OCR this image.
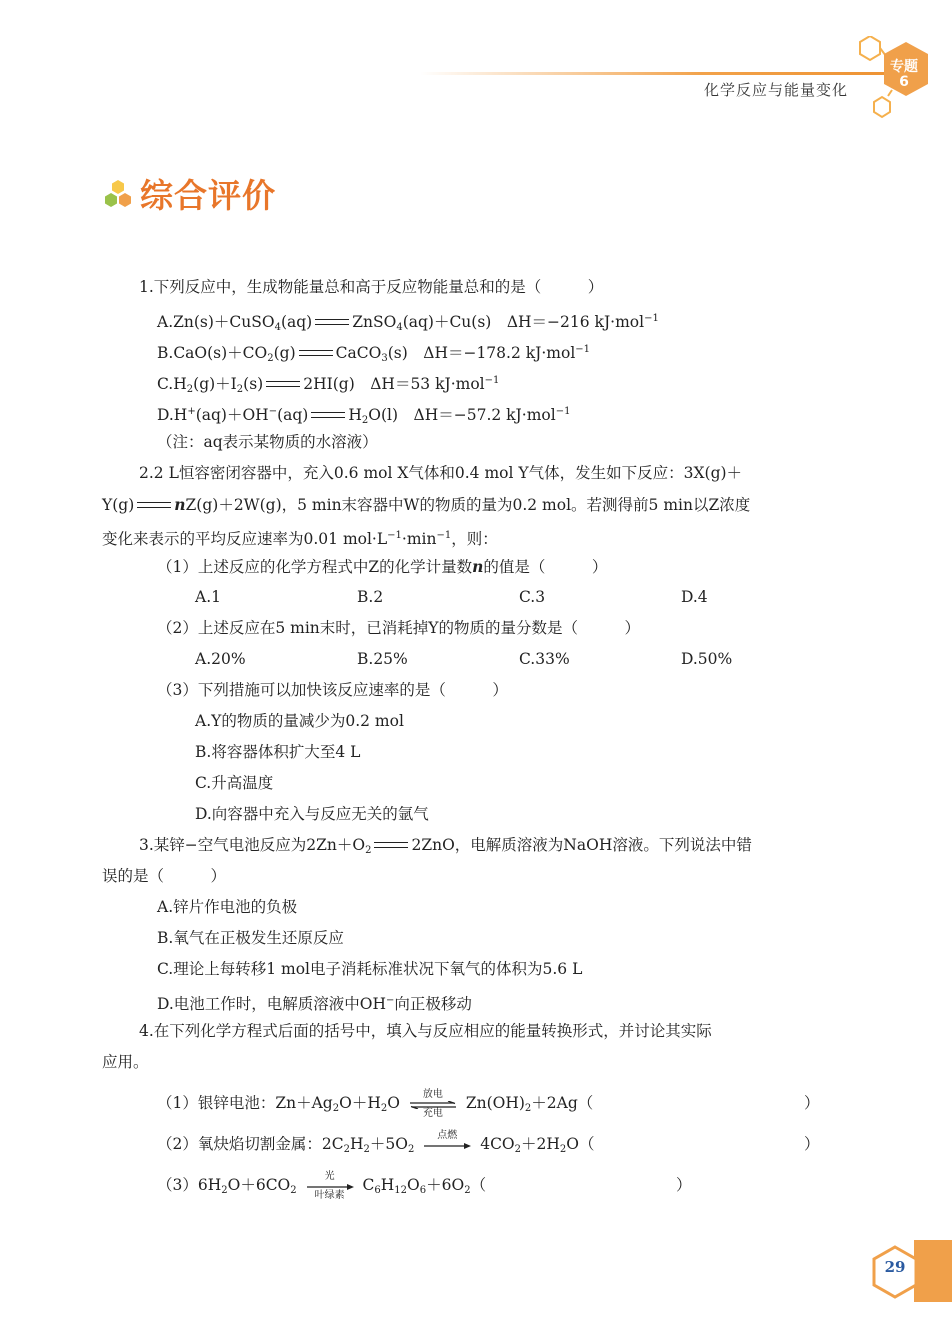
化学反应与能量变化
专题
6
综合评价
1.下列反应中，生成物能量总和高于反应物能量总和的是（　　　）
A.Zn(s)＋CuSO$_4$(aq)	ZnSO$_4$(aq)＋Cu(s)　ΔH＝−216 kJ·mol$^{-1}$
$B.CaO(s)+CO_2(g)$	CaCO$_3$(s)　ΔH＝−178.2 kJ·mol$^{-1}$
$C.H_2(g)+I_2(s)$	2HI(g)　ΔH＝53 kJ·mol$^{-1}$
D.H+(aq)＋OH−(aq)	$H_2O(l)$　ΔH＝−57.2 kJ·mol$^{-1}$
（注：aq表示某物质的水溶液）
2.2 L恒容密闭容器中，充入0.6 mol X气体和0.4 mol Y气体，发生如下反应：3X(g)＋
Y(g)	nZ(g)＋2W(g)，5 min末容器中W的物质的量为0.2 mol。若测得前5 min以Z浓度
变化来表示的平均反应速率为0.01 $mol\cdot L^{-1}\cdot\min^{-1}$，则：
（1）上述反应的化学方程式中Z的化学计量数n的值是（　　　）
A.1	B.2	C.3	D.4
（2）上述反应在5 min末时，已消耗掉Y的物质的量分数是（　　　）
A.20%	B.25%	C.33%	D.50%
（3）下列措施可以加快该反应速率的是（　　　）
A.Y的物质的量减少为0.2 mol
B.将容器体积扩大至4 L
C.升高温度
D.向容器中充入与反应无关的氩气
3.某锌−空气电池反应为$2Zn+O_2$	2ZnO，电解质溶液为NaOH溶液。下列说法中错
误的是（　　　）
A.锌片作电池的负极
B.氧气在正极发生还原反应
C.理论上每转移1 mol电子消耗标准状况下氧气的体积为5.6 L
D.电池工作时，电解质溶液中OH−向正极移动
4.在下列化学方程式后面的括号中，填入与反应相应的能量转换形式，并讨论其实际
应用。
（1）银锌电池：$Zn+Ag_2O+H_2O$	放电
充电
$Zn(OH)_2+2Ag$（	）
（2）氧炔焰切割金属：$2C_2H_2+5O_2$
点燃	$4CO_2+2H_2O$（	）
$(3)6H_2O+6CO_2$
光
叶绿素
$C_6H_{12}O_6+6O_2$（	）
29
